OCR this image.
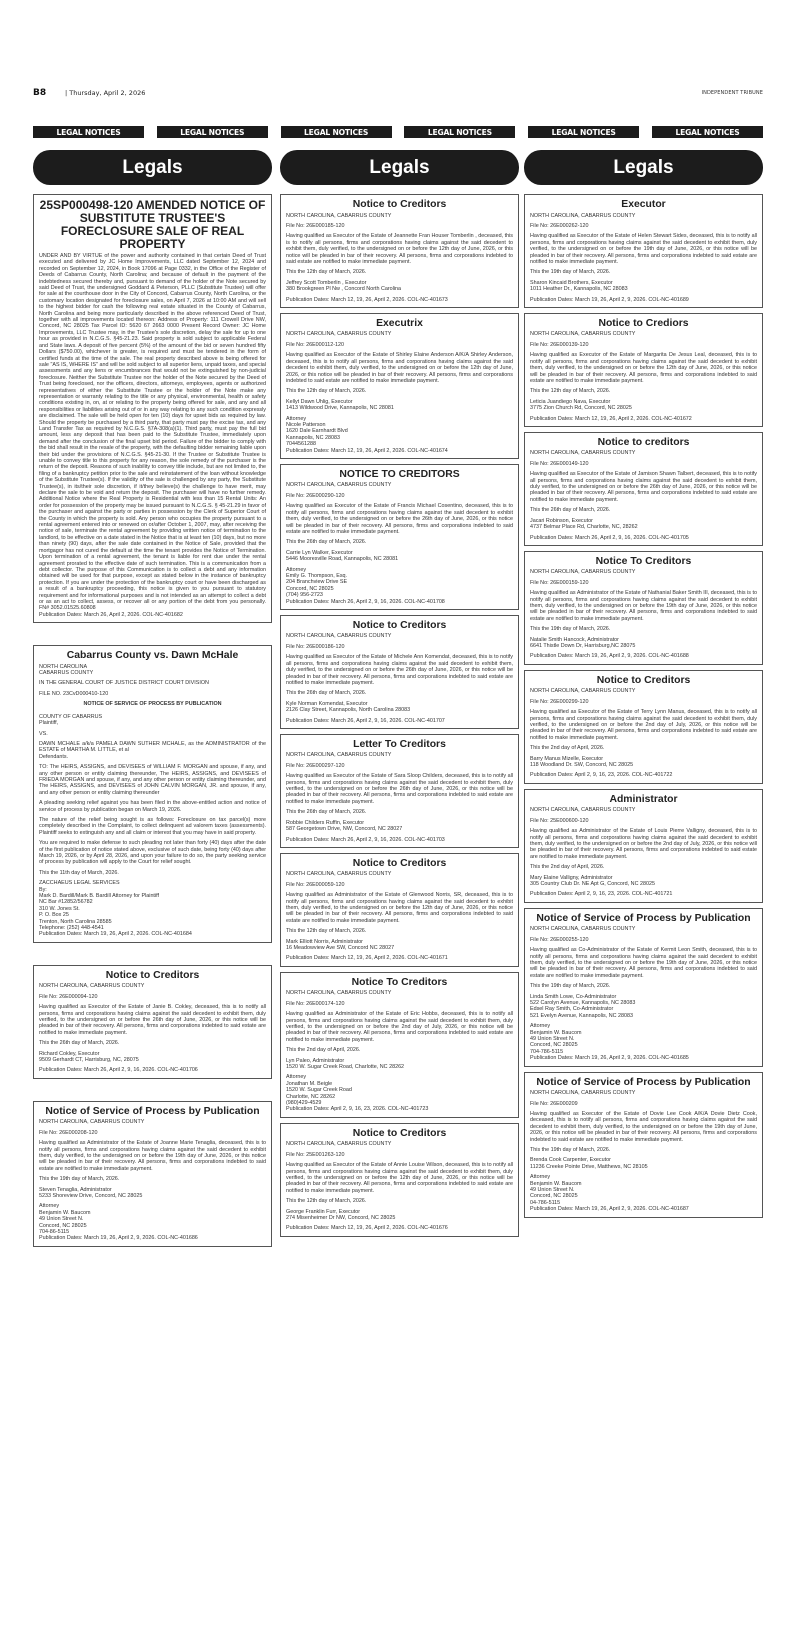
B8	| Thursday, April 2, 2026	INDEPENDENT TRIBUNE
LEGAL NOTICES	LEGAL NOTICES	LEGAL NOTICES	LEGAL NOTICES	LEGAL NOTICES	LEGAL NOTICES
Legals
25SP000498-120 AMENDED NOTICE OF SUBSTITUTE TRUSTEE'S FORECLOSURE SALE OF REAL PROPERTY
UNDER AND BY VIRTUE of the power and authority contained in that certain Deed of Trust executed and delivered by JC Home Improvements, LLC dated September 12, 2024 and recorded on September 12, 2024, in Book 17096 at Page 0332, in the Office of the Register of Deeds of Cabarrus County, North Carolina; and because of default in the payment of the indebtedness secured thereby and, pursuant to demand of the holder of the Note secured by said Deed of Trust, the undersigned Goddard & Peterson, PLLC (Substitute Trustee) will offer for sale at the courthouse door in the City of Concord, Cabarrus County, North Carolina, or the customary location designated for foreclosure sales, on April 7, 2026 at 10:00 AM and will sell to the highest bidder for cash the following real estate situated in the County of Cabarrus, North Carolina and being more particularly described in the above referenced Deed of Trust, together with all improvements located thereon: Address of Property: 111 Crowell Drive NW, Concord, NC 28025 Tax Parcel ID: 5620 67 2663 0000 Present Record Owner: JC Home Improvements, LLC Trustee may, in the Trustee's sole discretion, delay the sale for up to one hour as provided in N.C.G.S. §45-21.23. Said property is sold subject to applicable Federal and State laws. A deposit of five percent (5%) of the amount of the bid or seven hundred fifty Dollars ($750.00), whichever is greater, is required and must be tendered in the form of certified funds at the time of the sale. The real property described above is being offered for sale "AS IS, WHERE IS" and will be sold subject to all superior liens, unpaid taxes, and special assessments and any liens or encumbrances that would not be extinguished by non-judicial foreclosure. Neither the Substitute Trustee nor the holder of the Note secured by the Deed of Trust being foreclosed, nor the officers, directors, attorneys, employees, agents or authorized representatives of either the Substitute Trustee or the holder of the Note make any representation or warranty relating to the title or any physical, environmental, health or safety conditions existing in, on, at or relating to the property being offered for sale, and any and all responsibilities or liabilities arising out of or in any way relating to any such condition expressly are disclaimed. The sale will be held open for ten (10) days for upset bids as required by law. Should the property be purchased by a third party, that party must pay the excise tax, and any Land Transfer Tax as required by N.C.G.S. §7A-308(a)(1). Third party, must pay the full bid amount, less any deposit that has been paid to the Substitute Trustee, immediately upon demand after the conclusion of the final upset bid period. Failure of the bidder to comply with the bid shall result in the resale of the property, with the defaulting bidder remaining liable upon their bid under the provisions of N.C.G.S. §45-21-30. If the Trustee or Substitute Trustee is unable to convey title to this property for any reason, the sole remedy of the purchaser is the return of the deposit. Reasons of such inability to convey title include, but are not limited to, the filing of a bankruptcy petition prior to the sale and reinstatement of the loan without knowledge of the Substitute Trustee(s). If the validity of the sale is challenged by any party, the Substitute Trustee(s), in its/their sole discretion, if it/they believe(s) the challenge to have merit, may declare the sale to be void and return the deposit. The purchaser will have no further remedy. Additional Notice where the Real Property is Residential with less than 15 Rental Units: An order for possession of the property may be issued pursuant to N.C.G.S. § 45-21.29 in favor of the purchaser and against the party or parties in possession by the Clerk of Superior Court of the County in which the property is sold. Any person who occupies the property pursuant to a rental agreement entered into or renewed on or/after October 1, 2007, may, after receiving the notice of sale, terminate the rental agreement by providing written notice of termination to the landlord, to be effective on a date stated in the Notice that is at least ten (10) days, but no more than ninety (90) days, after the sale date contained in the Notice of Sale, provided that the mortgagor has not cured the default at the time the tenant provides the Notice of Termination. Upon termination of a rental agreement, the tenant is liable for rent due under the rental agreement prorated to the effective date of such termination. This is a communication from a debt collector. The purpose of this Communication is to collect a debt and any information obtained will be used for that purpose, except as stated below in the instance of bankruptcy protection. If you are under the protection of the bankruptcy court or have been discharged as a result of a bankruptcy proceeding, this notice is given to you pursuant to statutory requirement and for informational purposes and is not intended as an attempt to collect a debt or as an act to collect, assess, or recover all or any portion of the debt from you personally. FN# 3052.01525.60808
Publication Dates: March 26, April 2, 2026. COL-NC-401682
Cabarrus County vs. Dawn McHale
NORTH CAROLINA
CABARRUS COUNTY
IN THE GENERAL COURT OF JUSTICE DISTRICT COURT DIVISION
FILE NO. 23CvD000410-120
NOTICE OF SERVICE OF PROCESS BY PUBLICATION
COUNTY OF CABARRUS
Plaintiff,
VS.
DAWN MCHALE a/k/a PAMELA DAWN SUTHER MCHALE, as the ADMINISTRATOR of the ESTATE of MARTHA M. LITTLE, et al
Defendants.
TO: The HEIRS, ASSIGNS, and DEVISEES of WILLIAM F. MORGAN and spouse, if any, and any other person or entity claiming thereunder, The HEIRS, ASSIGNS, and DEVISEES of FRIEDA MORGAN and spouse, if any, and any other person or entity claiming thereunder, and The HEIRS, ASSIGNS, and DEVISEES of JOHN CALVIN MORGAN, JR. and spouse, if any, and any other person or entity claiming thereunder
A pleading seeking relief against you has been filed in the above-entitled action and notice of service of process by publication began on March 19, 2026.
The nature of the relief being sought is as follows: Foreclosure on tax parcel(s) more completely described in the Complaint, to collect delinquent ad valorem taxes (assessments). Plaintiff seeks to extinguish any and all claim or interest that you may have in said property.
You are required to make defense to such pleading not later than forty (40) days after the date of the first publication of notice stated above, exclusive of such date, being forty (40) days after March 19, 2026, or by April 28, 2026, and upon your failure to do so, the party seeking service of process by publication will apply to the Court for relief sought.
This the 11th day of March, 2026.
ZACCHAEUS LEGAL SERVICES
By:
Mark D. Bardill/Mark B. Bardill Attorney for Plaintiff
NC Bar #12852/56782
310 W. Jones St.
P. O. Box 25
Trenton, North Carolina 28585
Telephone: (252) 448-4541
Publication Dates: March 19, 26, April 2, 2026. COL-NC-401684
Notice to Creditors
NORTH CAROLINA, CABARRUS COUNTY
File No: 26E000094-120
Having qualified as Executor of the Estate of Janie B. Cokley, deceased, this is to notify all persons, firms and corporations having claims against the said decedent to exhibit them, duly verified, to the undersigned on or before the 26th day of June, 2026, or this notice will be pleaded in bar of their recovery. All persons, firms and corporations indebted to said estate are notified to make immediate payment.
This the 26th day of March, 2026.
Richard Cokley, Executor
9509 Gerhardt CT, Harrisburg, NC, 28075
Publication Dates: March 26, April 2, 9, 16, 2026. COL-NC-401706
Notice of Service of Process by Publication
NORTH CAROLINA, CABARRUS COUNTY
File No: 26E000208-120
Having qualified as Administrator of the Estate of Joanne Marie Tenaglia, deceased, this is to notify all persons, firms and corporations having claims against the said decedent to exhibit them, duly verified, to the undersigned on or before the 19th day of June, 2026, or this notice will be pleaded in bar of their recovery. All persons, firms and corporations indebted to said estate are notified to make immediate payment.
This the 19th day of March, 2026.
Steven Tenaglia, Administrator
5233 Shoreview Drive, Concord, NC 28025
Attorney
Benjamin W. Baucom
49 Union Street N.
Concord, NC 28025
704-86-5115
Publication Dates: March 19, 26, April 2, 9, 2026. COL-NC-401686
Legals
Notice to Creditors
NORTH CAROLINA, CABARRUS COUNTY
File No: 26E000185-120
Having qualified as Executor of the Estate of Jeannette Fran Houser Tomberlin , deceased, this is to notify all persons, firms and corporations having claims against the said decedent to exhibit them, duly verified, to the undersigned on or before the 12th day of June, 2026, or this notice will be pleaded in bar of their recovery. All persons, firms and corporations indebted to said estate are notified to make immediate payment.
This the 12th day of March, 2026.
Jeffrey Scott Tomberlin , Executor
380 Brookgreen Pl Nw , Concord North Carolina
Publication Dates: March 12, 19, 26, April 2, 2026. COL-NC-401673
Executrix
NORTH CAROLINA, CABARRUS COUNTY
File No: 26E000112-120
Having qualified as Executor of the Estate of Shirley Elaine Anderson A/K/A Shirley Anderson, deceased, this is to notify all persons, firms and corporations having claims against the said decedent to exhibit them, duly verified, to the undersigned on or before the 12th day of June, 2026, or this notice will be pleaded in bar of their recovery. All persons, firms and corporations indebted to said estate are notified to make immediate payment.
This the 12th day of March, 2026.
Kellyt Dawn Uhlig, Executor
1413 Wildwood Drive, Kannapolis, NC 28081
Attorney
Nicole Patterson
1620 Dale Earnhardt Blvd
Kannapolis, NC 28083
7044561288
Publication Dates: March 12, 19, 26, April 2, 2026. COL-NC-401674
NOTICE TO CREDITORS
NORTH CAROLINA, CABARRUS COUNTY
File No: 26E000290-120
Having qualified as Executor of the Estate of Francis Michael Cosentino, deceased, this is to notify all persons, firms and corporations having claims against the said decedent to exhibit them, duly verified, to the undersigned on or before the 26th day of June, 2026, or this notice will be pleaded in bar of their recovery. All persons, firms and corporations indebted to said estate are notified to make immediate payment.
This the 26th day of March, 2026.
Carrie Lyn Walker, Executor
5446 Mooresville Road, Kannapolis, NC 28081
Attorney
Emily G. Thompson, Esq.
204 Branchview Drive SE
Concord, NC 28025
(704) 956-2723
Publication Dates: March 26, April 2, 9, 16, 2026. COL-NC-401708
Notice to Creditors
NORTH CAROLINA, CABARRUS COUNTY
File No: 26E000186-120
Having qualified as Executor of the Estate of Michele Ann Komendat, deceased, this is to notify all persons, firms and corporations having claims against the said decedent to exhibit them, duly verified, to the undersigned on or before the 26th day of June, 2026, or this notice will be pleaded in bar of their recovery. All persons, firms and corporations indebted to said estate are notified to make immediate payment.
This the 26th day of March, 2026.
Kyle Norman Komendat, Executor
2126 Clay Street, Kannapolis, North Carolina 28083
Publication Dates: March 26, April 2, 9, 16, 2026. COL-NC-401707
Letter To Creditors
NORTH CAROLINA, CABARRUS COUNTY
File No: 26E000297-120
Having qualified as Executor of the Estate of Sara Sloop Childers, deceased, this is to notify all persons, firms and corporations having claims against the said decedent to exhibit them, duly verified, to the undersigned on or before the 26th day of June, 2026, or this notice will be pleaded in bar of their recovery. All persons, firms and corporations indebted to said estate are notified to make immediate payment.
This the 26th day of March, 2026.
Robbie Childers Ruffin, Executor
587 Georgetown Drive, NW, Concord, NC 28027
Publication Dates: March 26, April 2, 9, 16, 2026. COL-NC-401703
Notice to Creditors
NORTH CAROLINA, CABARRUS COUNTY
File No: 26E000059-120
Having qualified as Administrator of the Estate of Glenwood Norris, SR, deceased, this is to notify all persons, firms and corporations having claims against the said decedent to exhibit them, duly verified, to the undersigned on or before the 12th day of June, 2026, or this notice will be pleaded in bar of their recovery. All persons, firms and corporations indebted to said estate are notified to make immediate payment.
This the 12th day of March, 2026.
Mark Elliott Norris, Administrator
16 Meadowview Ave SW, Concord NC 28027
Publication Dates: March 12, 19, 26, April 2, 2026. COL-NC-401671
Notice To Creditors
NORTH CAROLINA, CABARRUS COUNTY
File No: 26E000174-120
Having qualified as Administrator of the Estate of Eric Hobbs, deceased, this is to notify all persons, firms and corporations having claims against the said decedent to exhibit them, duly verified, to the undersigned on or before the 2nd day of July, 2026, or this notice will be pleaded in bar of their recovery. All persons, firms and corporations indebted to said estate are notified to make immediate payment.
This the 2nd day of April, 2026.
Lyn Paleo, Administrator
1520 W. Sugar Creek Road, Charlotte, NC 28262
Attorney
Jonathan M. Beigle
1520 W. Sugar Creek Road
Charlotte, NC 28262
(980)429-4529
Publication Dates: April 2, 9, 16, 23, 2026. COL-NC-401723
Notice to Creditors
NORTH CAROLINA, CABARRUS COUNTY
File No: 25E001263-120
Having qualified as Executor of the Estate of Annie Louise Wilson, deceased, this is to notify all persons, firms and corporations having claims against the said decedent to exhibit them, duly verified, to the undersigned on or before the 12th day of June, 2026, or this notice will be pleaded in bar of their recovery. All persons, firms and corporations indebted to said estate are notified to make immediate payment.
This the 12th day of March, 2026.
George Franklin Furr, Executor
274 Misenheimer Dr NW, Concord, NC 28025
Publication Dates: March 12, 19, 26, April 2, 2026. COL-NC-401676
Legals
Executor
NORTH CAROLINA, CABARRUS COUNTY
File No: 26E000262-120
Having qualified as Executor of the Estate of Helen Stewart Sides, deceased, this is to notify all persons, firms and corporations having claims against the said decedent to exhibit them, duly verified, to the undersigned on or before the 19th day of June, 2026, or this notice will be pleaded in bar of their recovery. All persons, firms and corporations indebted to said estate are notified to make immediate payment.
This the 19th day of March, 2026.
Sharon Kincaid Brothers, Executor
1011 Heather Dr., Kannapolis, NC 28083
Publication Dates: March 19, 26, April 2, 9, 2026. COL-NC-401689
Notice to Crediors
NORTH CAROLINA, CABARRUS COUNTY
File No: 26E000139-120
Having qualified as Executor of the Estate of Margarita De Jesus Leal, deceased, this is to notify all persons, firms and corporations having claims against the said decedent to exhibit them, duly verified, to the undersigned on or before the 12th day of June, 2026, or this notice will be pleaded in bar of their recovery. All persons, firms and corporations indebted to said estate are notified to make immediate payment.
This the 12th day of March, 2026.
Leticia Juandiego Nava, Executor
3775 Zion Church Rd, Concord, NC 28025
Publication Dates: March 12, 19, 26, April 2, 2026. COL-NC-401672
Notice to creditors
NORTH CAROLINA, CABARRUS COUNTY
File No: 26E000149-120
Having qualified as Executor of the Estate of Jamison Shawn Talbert, deceased, this is to notify all persons, firms and corporations having claims against the said decedent to exhibit them, duly verified, to the undersigned on or before the 26th day of June, 2026, or this notice will be pleaded in bar of their recovery. All persons, firms and corporations indebted to said estate are notified to make immediate payment.
This the 26th day of March, 2026.
Jacari Robinson, Executor
4737 Belmar Place Rd, Charlotte, NC, 28262
Publication Dates: March 26, April 2, 9, 16, 2026. COL-NC-401705
Notice To Creditors
NORTH CAROLINA, CABARRUS COUNTY
File No: 26E000159-120
Having qualified as Administrator of the Estate of Nathanial Baker Smith III, deceased, this is to notify all persons, firms and corporations having claims against the said decedent to exhibit them, duly verified, to the undersigned on or before the 19th day of June, 2026, or this notice will be pleaded in bar of their recovery. All persons, firms and corporations indebted to said estate are notified to make immediate payment.
This the 19th day of March, 2026.
Natalie Smith Hancock, Administrator
6641 Thistle Down Dr, Harrisburg,NC 28075
Publication Dates: March 19, 26, April 2, 9, 2026. COL-NC-401688
Notice to Creditors
NORTH CAROLINA, CABARRUS COUNTY
File No: 26E000299-120
Having qualified as Executor of the Estate of Terry Lynn Manus, deceased, this is to notify all persons, firms and corporations having claims against the said decedent to exhibit them, duly verified, to the undersigned on or before the 2nd day of July, 2026, or this notice will be pleaded in bar of their recovery. All persons, firms and corporations indebted to said estate are notified to make immediate payment.
This the 2nd day of April, 2026.
Barry Manus Mizelle, Executor
118 Woodland Dr. SW, Concord, NC 28025
Publication Dates: April 2, 9, 16, 23, 2026. COL-NC-401722
Administrator
NORTH CAROLINA, CABARRUS COUNTY
File No: 25E000600-120
Having qualified as Administrator of the Estate of Louis Pierre Valligny, deceased, this is to notify all persons, firms and corporations having claims against the said decedent to exhibit them, duly verified, to the undersigned on or before the 2nd day of July, 2026, or this notice will be pleaded in bar of their recovery. All persons, firms and corporations indebted to said estate are notified to make immediate payment.
This the 2nd day of April, 2026.
Mary Elaine Valligny, Administrator
305 Country Club Dr. NE Apt G, Concord, NC 28025
Publication Dates: April 2, 9, 16, 23, 2026. COL-NC-401721
Notice of Service of Process by Publication
NORTH CAROLINA, CABARRUS COUNTY
File No: 26E000255-120
Having qualified as Co-Administrator of the Estate of Kermit Leon Smith, deceased, this is to notify all persons, firms and corporations having claims against the said decedent to exhibit them, duly verified, to the undersigned on or before the 19th day of June, 2026, or this notice will be pleaded in bar of their recovery. All persons, firms and corporations indebted to said estate are notified to make immediate payment.
This the 19th day of March, 2026.
Linda Smith Lowe, Co-Administrator
522 Carolyn Avenue, Kannapolis, NC 28083
Edsel Ray Smith, Co-Administrator
521 Evelyn Avenue, Kannapolis, NC 28083
Attorney
Benjamin W. Baucom
49 Union Street N.
Concord, NC 28025
704-786-5115
Publication Dates: March 19, 26, April 2, 9, 2026. COL-NC-401685
Notice of Service of Process by Publication
NORTH CAROLINA, CABARRUS COUNTY
File No: 26E000209
Having qualified as Executor of the Estate of Dovie Lee Cook A/K/A Dovie Dietz Cook, deceased, this is to notify all persons, firms and corporations having claims against the said decedent to exhibit them, duly verified, to the undersigned on or before the 19th day of June, 2026, or this notice will be pleaded in bar of their recovery. All persons, firms and corporations indebted to said estate are notified to make immediate payment.
This the 19th day of March, 2026.
Brenda Cook Carpenter, Executor
11236 Creeke Pointe Drive, Matthews, NC 28105
Attorney
Benjamin W. Baucom
49 Union Street N.
Concord, NC 28025
04-786-5115
Publication Dates: March 19, 26, April 2, 9, 2026. COL-NC-401687
